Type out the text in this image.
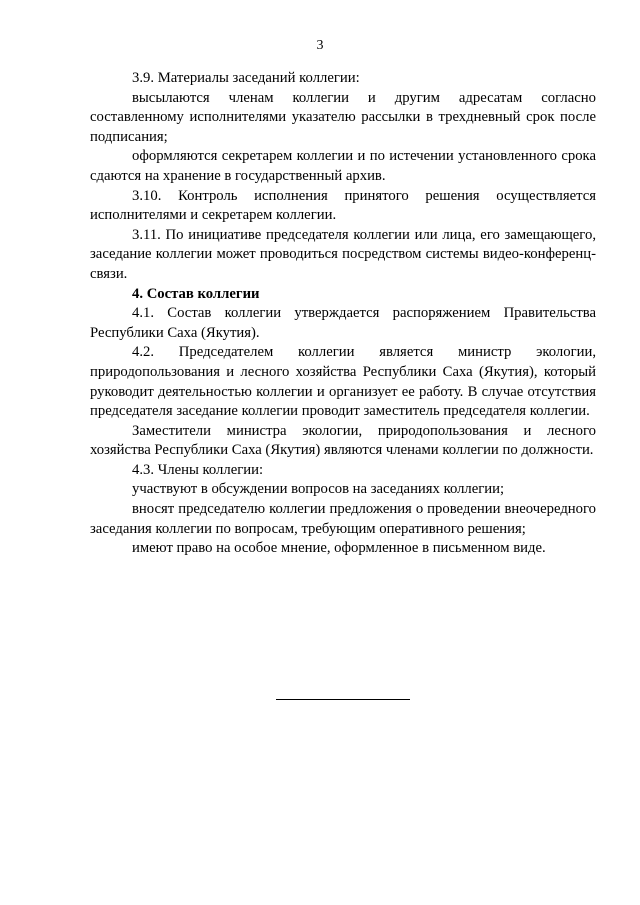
3

3.9. Материалы заседаний коллегии:

высылаются членам коллегии и другим адресатам согласно составленному исполнителями указателю рассылки в трехдневный срок после подписания;

оформляются секретарем коллегии и по истечении установленного срока сдаются на хранение в государственный архив.

3.10. Контроль исполнения принятого решения осуществляется исполнителями и секретарем коллегии.

3.11. По инициативе председателя коллегии или лица, его замещающего, заседание коллегии может проводиться посредством системы видео-конференц-связи.

4. Состав коллегии

4.1. Состав коллегии утверждается распоряжением Правительства Республики Саха (Якутия).

4.2. Председателем коллегии является министр экологии, природопользования и лесного хозяйства Республики Саха (Якутия), который руководит деятельностью коллегии и организует ее работу. В случае отсутствия председателя заседание коллегии проводит заместитель председателя коллегии.

Заместители министра экологии, природопользования и лесного хозяйства Республики Саха (Якутия) являются членами коллегии по должности.

4.3. Члены коллегии:

участвуют в обсуждении вопросов на заседаниях коллегии;

вносят председателю коллегии предложения о проведении внеочередного заседания коллегии по вопросам, требующим оперативного решения;

имеют право на особое мнение, оформленное в письменном виде.
